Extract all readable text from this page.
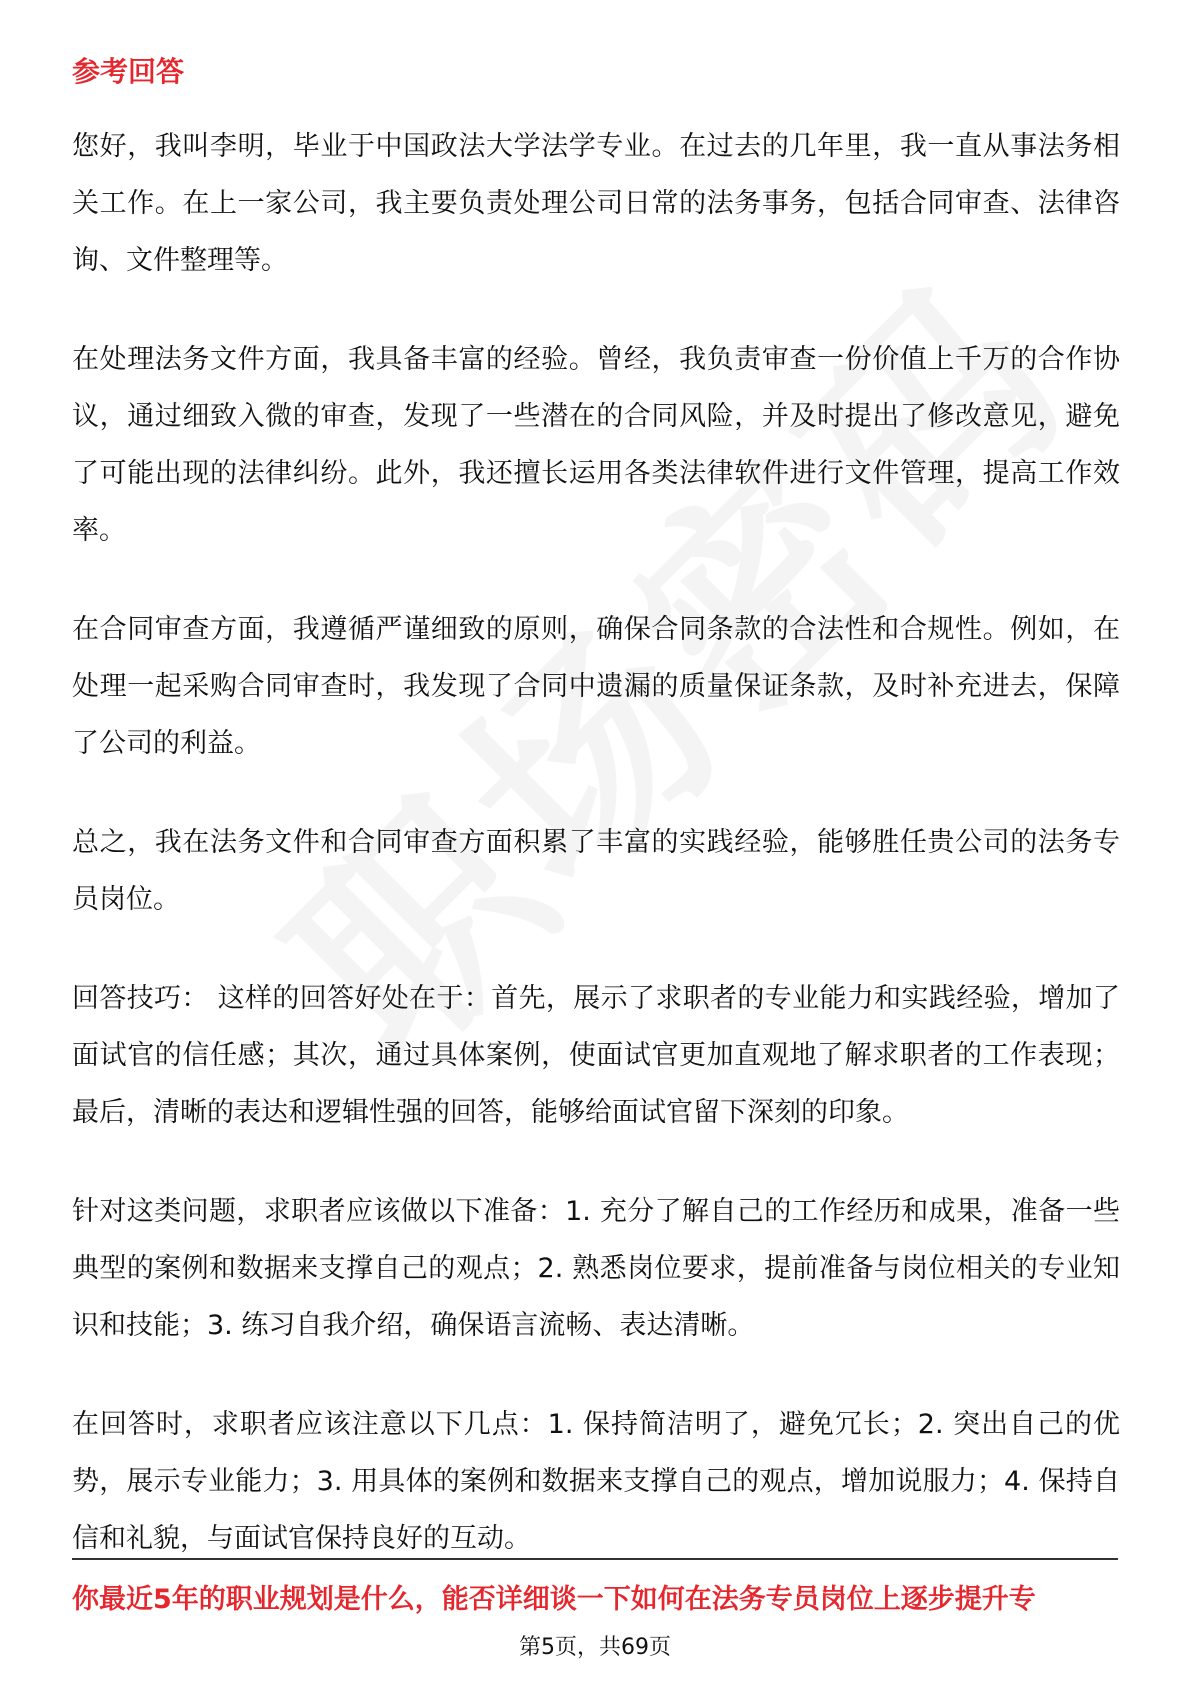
参考回答

您好，我叫李明，毕业于中国政法大学法学专业。在过去的几年里，我一直从事法务相关工作。在上一家公司，我主要负责处理公司日常的法务事务，包括合同审查、法律咨询、文件整理等。

在处理法务文件方面，我具备丰富的经验。曾经，我负责审查一份价值上千万的合作协议，通过细致入微的审查，发现了一些潜在的合同风险，并及时提出了修改意见，避免了可能出现的法律纠纷。此外，我还擅长运用各类法律软件进行文件管理，提高工作效率。

在合同审查方面，我遵循严谨细致的原则，确保合同条款的合法性和合规性。例如，在处理一起采购合同审查时，我发现了合同中遗漏的质量保证条款，及时补充进去，保障了公司的利益。

总之，我在法务文件和合同审查方面积累了丰富的实践经验，能够胜任贵公司的法务专员岗位。

回答技巧： 这样的回答好处在于：首先，展示了求职者的专业能力和实践经验，增加了面试官的信任感；其次，通过具体案例，使面试官更加直观地了解求职者的工作表现；最后，清晰的表达和逻辑性强的回答，能够给面试官留下深刻的印象。

针对这类问题，求职者应该做以下准备：1. 充分了解自己的工作经历和成果，准备一些典型的案例和数据来支撑自己的观点；2. 熟悉岗位要求，提前准备与岗位相关的专业知识和技能；3. 练习自我介绍，确保语言流畅、表达清晰。

在回答时，求职者应该注意以下几点：1. 保持简洁明了，避免冗长；2. 突出自己的优势，展示专业能力；3. 用具体的案例和数据来支撑自己的观点，增加说服力；4. 保持自信和礼貌，与面试官保持良好的互动。

你最近5年的职业规划是什么，能否详细谈一下如何在法务专员岗位上逐步提升专

第5页，共69页
